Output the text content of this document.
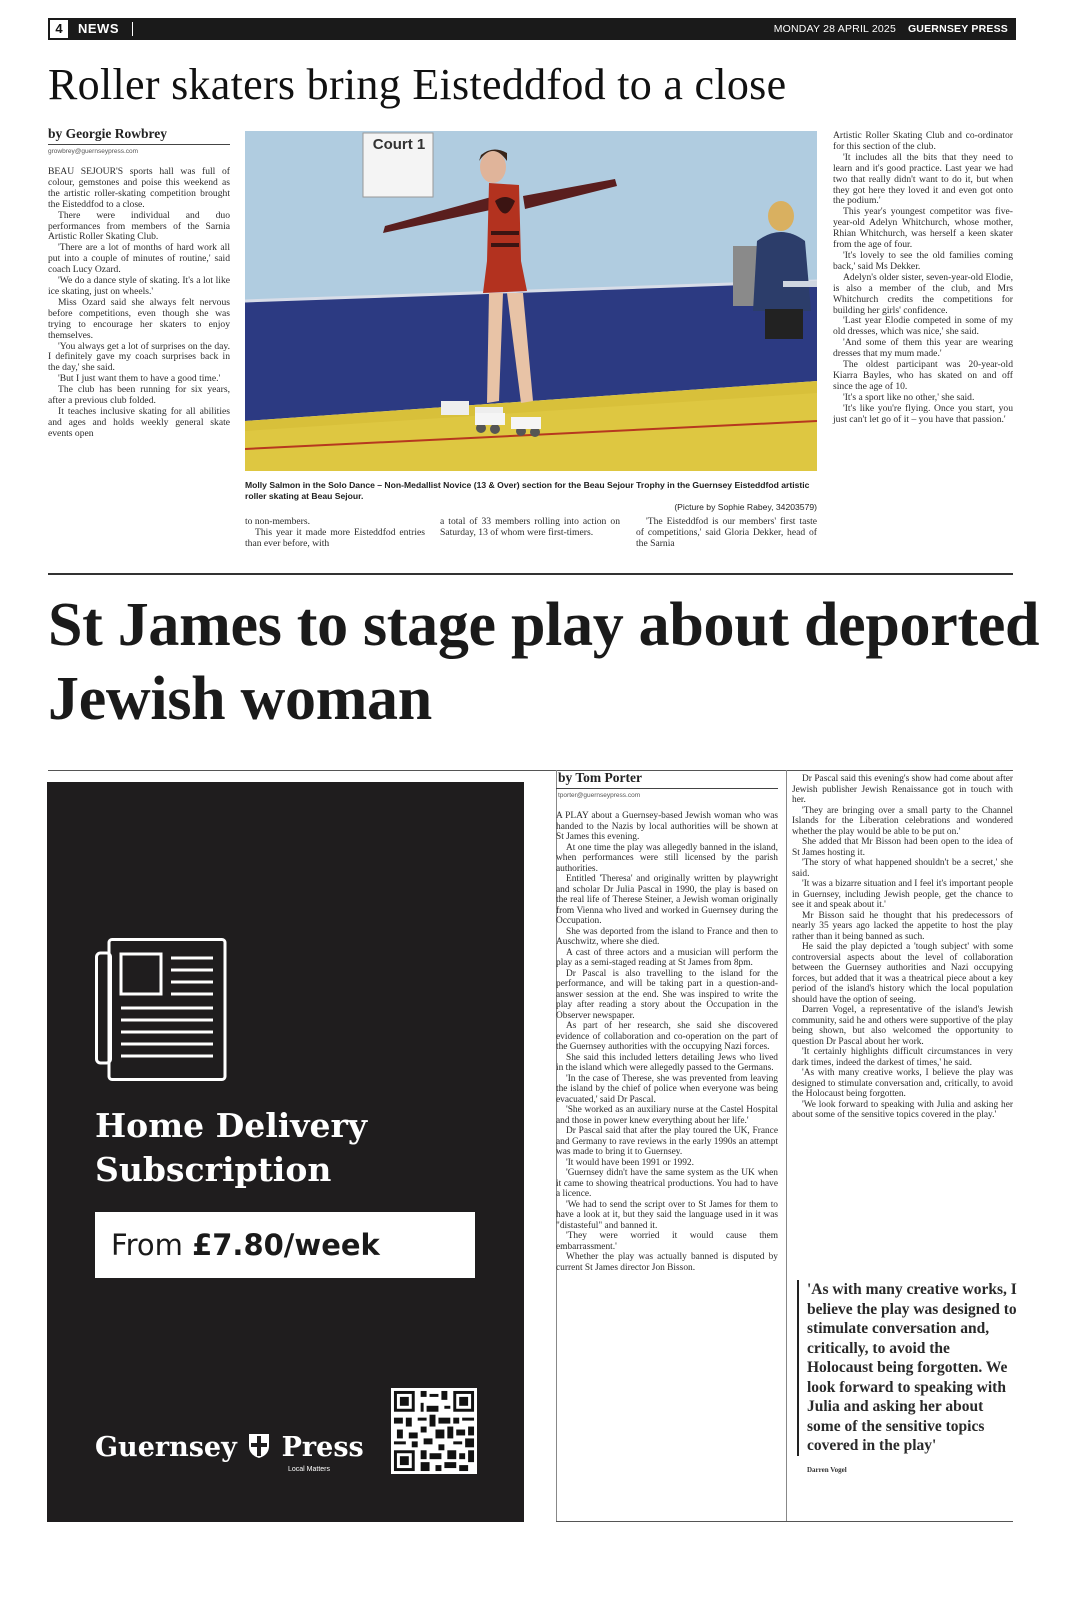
4	NEWS	MONDAY 28 APRIL 2025 GUERNSEY PRESS
Roller skaters bring Eisteddfod to a close
by Georgie Rowbrey
growbrey@guernseypress.com

BEAU SEJOUR'S sports hall was full of colour, gemstones and poise this weekend as the artistic roller-skating competition brought the Eisteddfod to a close.

There were individual and duo performances from members of the Sarnia Artistic Roller Skating Club.

'There are a lot of months of hard work all put into a couple of minutes of routine,' said coach Lucy Ozard.

'We do a dance style of skating. It's a lot like ice skating, just on wheels.'

Miss Ozard said she always felt nervous before competitions, even though she was trying to encourage her skaters to enjoy themselves.

'You always get a lot of surprises on the day. I definitely gave my coach surprises back in the day,' she said.

'But I just want them to have a good time.'

The club has been running for six years, after a previous club folded.

It teaches inclusive skating for all abilities and ages and holds weekly general skate events open

Court 1
Molly Salmon in the Solo Dance – Non-Medallist Novice (13 & Over) section for the Beau Sejour Trophy in the Guernsey Eisteddfod artistic roller skating at Beau Sejour.
(Picture by Sophie Rabey, 34203579)

to non-members.

This year it made more Eisteddfod entries than ever before, with

a total of 33 members rolling into action on Saturday, 13 of whom were first-timers.

'The Eisteddfod is our members' first taste of competitions,' said Gloria Dekker, head of the Sarnia

Artistic Roller Skating Club and co-ordinator for this section of the club.

'It includes all the bits that they need to learn and it's good practice. Last year we had two that really didn't want to do it, but when they got here they loved it and even got onto the podium.'

This year's youngest competitor was five-year-old Adelyn Whitchurch, whose mother, Rhian Whitchurch, was herself a keen skater from the age of four.

'It's lovely to see the old families coming back,' said Ms Dekker.

Adelyn's older sister, seven-year-old Elodie, is also a member of the club, and Mrs Whitchurch credits the competitions for building her girls' confidence.

'Last year Elodie competed in some of my old dresses, which was nice,' she said.

'And some of them this year are wearing dresses that my mum made.'

The oldest participant was 20-year-old Kiarra Bayles, who has skated on and off since the age of 10.

'It's a sport like no other,' she said.

'It's like you're flying. Once you start, you just can't let go of it – you have that passion.'

St James to stage play about deported Jewish woman
Home Delivery Subscription
From £7.80/week
Guernsey Press
Local Matters
by Tom Porter
tporter@guernseypress.com

A PLAY about a Guernsey-based Jewish woman who was handed to the Nazis by local authorities will be shown at St James this evening.

At one time the play was allegedly banned in the island, when performances were still licensed by the parish authorities.

Entitled 'Theresa' and originally written by playwright and scholar Dr Julia Pascal in 1990, the play is based on the real life of Therese Steiner, a Jewish woman originally from Vienna who lived and worked in Guernsey during the Occupation.

She was deported from the island to France and then to Auschwitz, where she died.

A cast of three actors and a musician will perform the play as a semi-staged reading at St James from 8pm.

Dr Pascal is also travelling to the island for the performance, and will be taking part in a question-and-answer session at the end. She was inspired to write the play after reading a story about the Occupation in the Observer newspaper.

As part of her research, she said she discovered evidence of collaboration and co-operation on the part of the Guernsey authorities with the occupying Nazi forces.

She said this included letters detailing Jews who lived in the island which were allegedly passed to the Germans.

'In the case of Therese, she was prevented from leaving the island by the chief of police when everyone was being evacuated,' said Dr Pascal.

'She worked as an auxiliary nurse at the Castel Hospital and those in power knew everything about her life.'

Dr Pascal said that after the play toured the UK, France and Germany to rave reviews in the early 1990s an attempt was made to bring it to Guernsey.

'It would have been 1991 or 1992.

'Guernsey didn't have the same system as the UK when it came to showing theatrical productions. You had to have a licence.

'We had to send the script over to St James for them to have a look at it, but they said the language used in it was "distasteful" and banned it.

'They were worried it would cause them embarrassment.'

Whether the play was actually banned is disputed by current St James director Jon Bisson.

Dr Pascal said this evening's show had come about after Jewish publisher Jewish Renaissance got in touch with her.

'They are bringing over a small party to the Channel Islands for the Liberation celebrations and wondered whether the play would be able to be put on.'

She added that Mr Bisson had been open to the idea of St James hosting it.

'The story of what happened shouldn't be a secret,' she said.

'It was a bizarre situation and I feel it's important people in Guernsey, including Jewish people, get the chance to see it and speak about it.'

Mr Bisson said he thought that his predecessors of nearly 35 years ago lacked the appetite to host the play rather than it being banned as such.

He said the play depicted a 'tough subject' with some controversial aspects about the level of collaboration between the Guernsey authorities and Nazi occupying forces, but added that it was a theatrical piece about a key period of the island's history which the local population should have the option of seeing.

Darren Vogel, a representative of the island's Jewish community, said he and others were supportive of the play being shown, but also welcomed the opportunity to question Dr Pascal about her work.

'It certainly highlights difficult circumstances in very dark times, indeed the darkest of times,' he said.

'As with many creative works, I believe the play was designed to stimulate conversation and, critically, to avoid the Holocaust being forgotten.

'We look forward to speaking with Julia and asking her about some of the sensitive topics covered in the play.'

'As with many creative works, I believe the play was designed to stimulate conversation and, critically, to avoid the Holocaust being forgotten. We look forward to speaking with Julia and asking her about some of the sensitive topics covered in the play'

Darren Vogel
